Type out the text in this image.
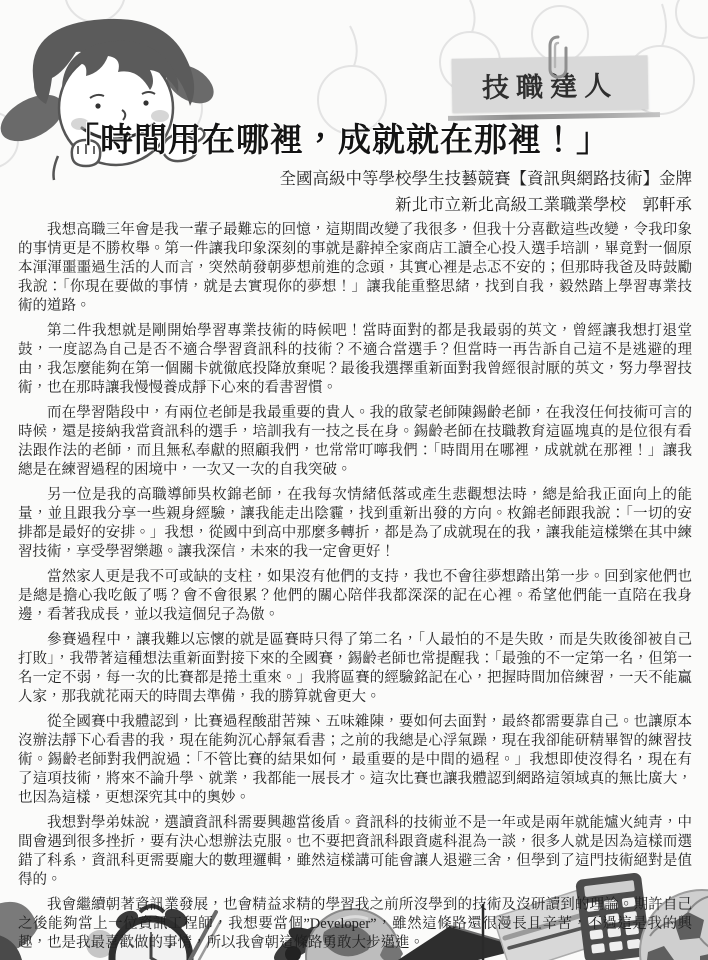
技職達人
「時間用在哪裡，成就就在那裡！」
全國高級中等學校學生技藝競賽【資訊與網路技術】金牌
新北市立新北高級工業職業學校　郭軒承

我想高職三年會是我一輩子最難忘的回憶，這期間改變了我很多，但我十分喜歡這些改變，令我印象的事情更是不勝枚舉。第一件讓我印象深刻的事就是辭掉全家商店工讀全心投入選手培訓，畢竟對一個原本渾渾噩噩過生活的人而言，突然萌發朝夢想前進的念頭，其實心裡是忐忑不安的；但那時我爸及時鼓勵我說：「你現在要做的事情，就是去實現你的夢想！」讓我能重整思緒，找到自我，毅然踏上學習專業技術的道路。

第二件我想就是剛開始學習專業技術的時候吧！當時面對的都是我最弱的英文，曾經讓我想打退堂鼓，一度認為自己是否不適合學習資訊科的技術？不適合當選手？但當時一再告訴自己這不是逃避的理由，我怎麼能夠在第一個關卡就徹底投降放棄呢？最後我選擇重新面對我曾經很討厭的英文，努力學習技術，也在那時讓我慢慢養成靜下心來的看書習慣。

而在學習階段中，有兩位老師是我最重要的貴人。我的啟蒙老師陳錫齡老師，在我沒任何技術可言的時候，還是接納我當資訊科的選手，培訓我有一技之長在身。錫齡老師在技職教育這區塊真的是位很有看法跟作法的老師，而且無私奉獻的照顧我們，也常常叮嚀我們：「時間用在哪裡，成就就在那裡！」讓我總是在練習過程的困境中，一次又一次的自我突破。

另一位是我的高職導師吳枚錦老師，在我每次情緒低落或產生悲觀想法時，總是給我正面向上的能量，並且跟我分享一些親身經驗，讓我能走出陰霾，找到重新出發的方向。枚錦老師跟我說：「一切的安排都是最好的安排。」我想，從國中到高中那麼多轉折，都是為了成就現在的我，讓我能這樣樂在其中練習技術，享受學習樂趣。讓我深信，未來的我一定會更好！

當然家人更是我不可或缺的支柱，如果沒有他們的支持，我也不會往夢想踏出第一步。回到家他們也是總是擔心我吃飯了嗎？會不會很累？他們的關心陪伴我都深深的記在心裡。希望他們能一直陪在我身邊，看著我成長，並以我這個兒子為傲。

參賽過程中，讓我難以忘懷的就是區賽時只得了第二名，「人最怕的不是失敗，而是失敗後卻被自己打敗」，我帶著這種想法重新面對接下來的全國賽，錫齡老師也常提醒我：「最強的不一定第一名，但第一名一定不弱，每一次的比賽都是捲土重來。」我將區賽的經驗銘記在心，把握時間加倍練習，一天不能贏人家，那我就花兩天的時間去準備，我的勝算就會更大。

從全國賽中我體認到，比賽過程酸甜苦辣、五味雜陳，要如何去面對，最終都需要靠自己。也讓原本沒辦法靜下心看書的我，現在能夠沉心靜氣看書；之前的我總是心浮氣躁，現在我卻能研精畢智的練習技術。錫齡老師對我們說過：「不管比賽的結果如何，最重要的是中間的過程。」我想即使沒得名，現在有了這項技術，將來不論升學、就業，我都能一展長才。這次比賽也讓我體認到網路這領域真的無比廣大，也因為這樣，更想深究其中的奧妙。

我想對學弟妹說，選讀資訊科需要興趣當後盾。資訊科的技術並不是一年或是兩年就能爐火純青，中間會遇到很多挫折，要有決心想辦法克服。也不要把資訊科跟資處科混為一談，很多人就是因為這樣而選錯了科系，資訊科更需要龐大的數理邏輯，雖然這樣講可能會讓人退避三舍，但學到了這門技術絕對是值得的。

我會繼續朝著資訊業發展，也會精益求精的學習我之前所沒學到的技術及沒研讀到的理論。期許自己之後能夠當上一位資訊工程師，我想要當個”Developer”，雖然這條路還很漫長且辛苦，不過這是我的興趣，也是我最喜歡做的事情，所以我會朝這條路勇敢大步邁進。
